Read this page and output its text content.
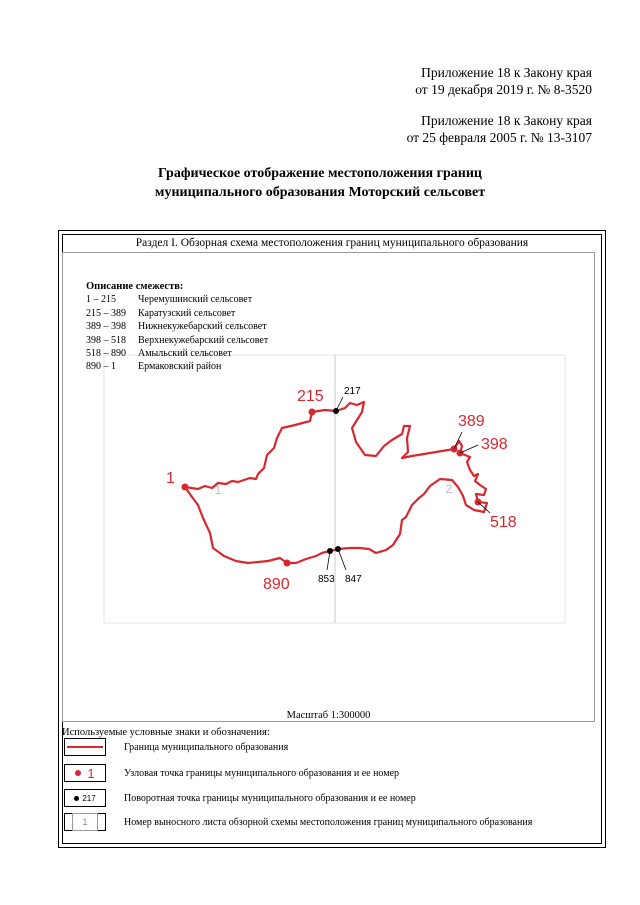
Приложение 18 к Закону края
от 19 декабря 2019 г. № 8-3520
Приложение 18 к Закону края
от 25 февраля 2005 г. № 13-3107
Графическое отображение местоположения границ
муниципального образования Моторский сельсовет
Раздел I. Обзорная схема местоположения границ муниципального образования
1	2
217
853 847
1
215
389
398
518
890
Описание смежеств:
1 – 215	Черемушинский сельсовет
215 – 389	Каратузский сельсовет
389 – 398	Нижнекужебарский сельсовет
398 – 518	Верхнекужебарский сельсовет
518 – 890	Амыльский сельсовет
890 – 1	Ермаковский район
Масштаб 1:300000
Используемые условные знаки и обозначения:
Граница муниципального образования
1	Узловая точка границы муниципального образования и ее номер
217	Поворотная точка границы муниципального образования и ее номер
1	Номер выносного листа обзорной схемы местоположения границ муниципального образования
